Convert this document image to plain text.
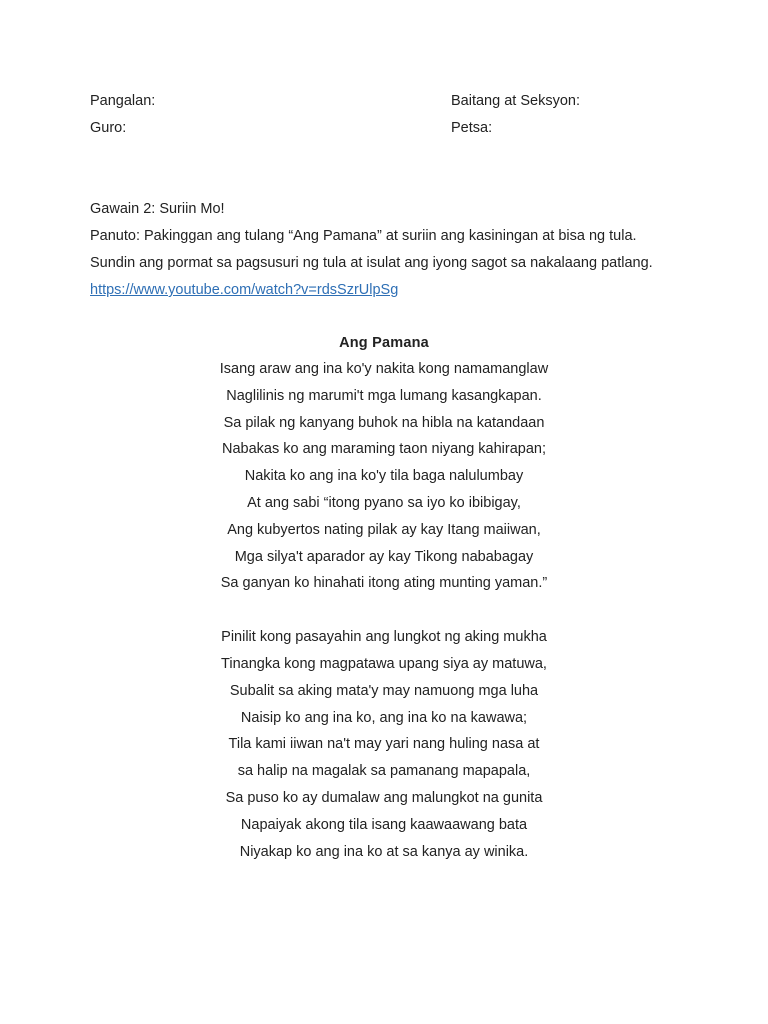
Pangalan:	Baitang at Seksyon:
Guro:	Petsa:
Gawain 2: Suriin Mo!
Panuto: Pakinggan ang tulang “Ang Pamana” at suriin ang kasiningan at bisa ng tula.
Sundin ang pormat sa pagsusuri ng tula at isulat ang iyong sagot sa nakalaang patlang.
https://www.youtube.com/watch?v=rdsSzrUlpSg
Ang Pamana
Isang araw ang ina ko'y nakita kong namamanglaw
Naglilinis ng marumi't mga lumang kasangkapan.
Sa pilak ng kanyang buhok na hibla na katandaan
Nabakas ko ang maraming taon niyang kahirapan;
Nakita ko ang ina ko'y tila baga nalulumbay
At ang sabi “itong pyano sa iyo ko ibibigay,
Ang kubyertos nating pilak ay kay Itang maiiwan,
Mga silya't aparador ay kay Tikong nababagay
Sa ganyan ko hinahati itong ating munting yaman.”
Pinilit kong pasayahin ang lungkot ng aking mukha
Tinangka kong magpatawa upang siya ay matuwa,
Subalit sa aking mata'y may namuong mga luha
Naisip ko ang ina ko, ang ina ko na kawawa;
Tila kami iiwan na't may yari nang huling nasa at
sa halip na magalak sa pamanang mapapala,
Sa puso ko ay dumalaw ang malungkot na gunita
Napaiyak akong tila isang kaawaawang bata
Niyakap ko ang ina ko at sa kanya ay winika.
